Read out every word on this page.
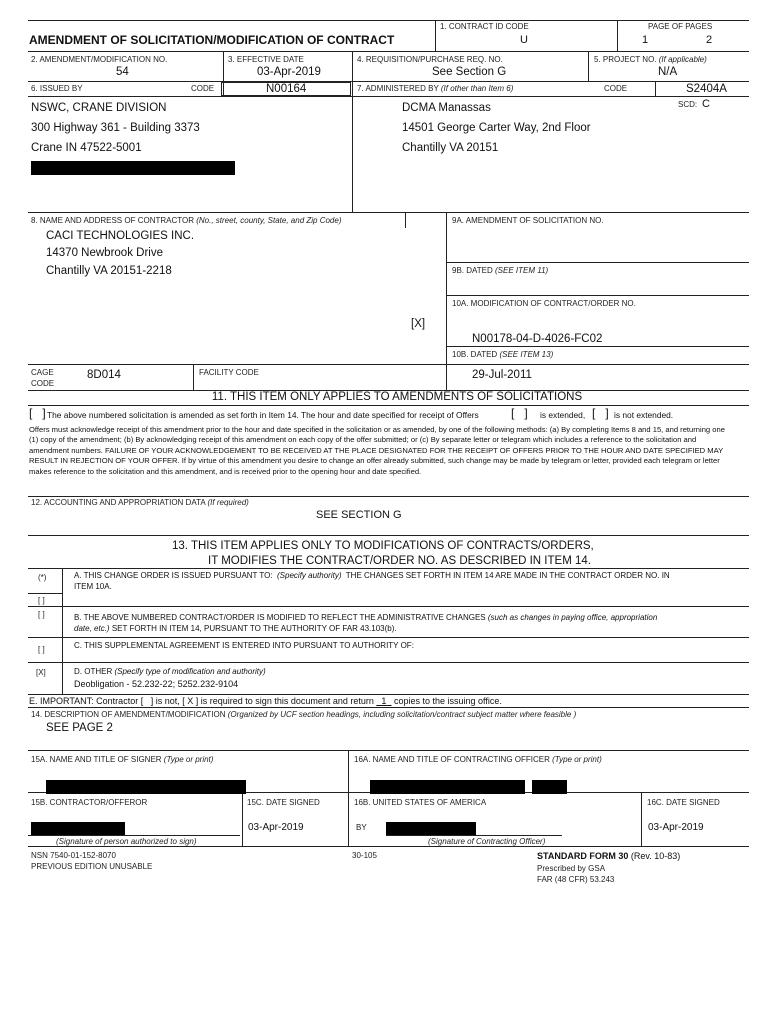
AMENDMENT OF SOLICITATION/MODIFICATION OF CONTRACT
1. CONTRACT ID CODE
U
PAGE OF PAGES
1	2
2. AMENDMENT/MODIFICATION NO.
54
3. EFFECTIVE DATE
03-Apr-2019
4. REQUISITION/PURCHASE REQ. NO.
See Section G
5. PROJECT NO. (If applicable)
N/A
6. ISSUED BY	CODE	N00164	7. ADMINISTERED BY (If other than Item 6)	CODE	S2404A
SCD: C
NSWC, CRANE DIVISION
300 Highway 361 - Building 3373
Crane IN 47522-5001
DCMA Manassas
14501 George Carter Way, 2nd Floor
Chantilly VA 20151
8. NAME AND ADDRESS OF CONTRACTOR (No., street, county, State, and Zip Code)
CACI TECHNOLOGIES INC.
14370 Newbrook Drive
Chantilly VA 20151-2218
CAGE
CODE
8D014	FACILITY CODE
9A. AMENDMENT OF SOLICITATION NO.
9B. DATED (SEE ITEM 11)
10A. MODIFICATION OF CONTRACT/ORDER NO.
[X]
N00178-04-D-4026-FC02
10B. DATED (SEE ITEM 13)
29-Jul-2011
11. THIS ITEM ONLY APPLIES TO AMENDMENTS OF SOLICITATIONS
[   ] The above numbered solicitation is amended as set forth in Item 14. The hour and date specified for receipt of Offers	[   ] is extended, [   ] is not extended.
Offers must acknowledge receipt of this amendment prior to the hour and date specified in the solicitation or as amended, by one of the following methods: (a) By completing Items 8 and 15, and returning one (1) copy of the amendment; (b) By acknowledging receipt of this amendment on each copy of the offer submitted; or (c) By separate letter or telegram which includes a reference to the solicitation and amendment numbers. FAILURE OF YOUR ACKNOWLEDGEMENT TO BE RECEIVED AT THE PLACE DESIGNATED FOR THE RECEIPT OF OFFERS PRIOR TO THE HOUR AND DATE SPECIFIED MAY RESULT IN REJECTION OF YOUR OFFER. If by virtue of this amendment you desire to change an offer already submitted, such change may be made by telegram or letter, provided each telegram or letter makes reference to the solicitation and this amendment, and is received prior to the opening hour and date specified.
12. ACCOUNTING AND APPROPRIATION DATA (If required)
SEE SECTION G
13. THIS ITEM APPLIES ONLY TO MODIFICATIONS OF CONTRACTS/ORDERS,
IT MODIFIES THE CONTRACT/ORDER NO. AS DESCRIBED IN ITEM 14.
(*)
[ ]
A. THIS CHANGE ORDER IS ISSUED PURSUANT TO: (Specify authority) THE CHANGES SET FORTH IN ITEM 14 ARE MADE IN THE CONTRACT ORDER NO. IN
ITEM 10A.
[ ]	B. THE ABOVE NUMBERED CONTRACT/ORDER IS MODIFIED TO REFLECT THE ADMINISTRATIVE CHANGES (such as changes in paying office, appropriation
date, etc.) SET FORTH IN ITEM 14, PURSUANT TO THE AUTHORITY OF FAR 43.103(b).
[ ]	C. THIS SUPPLEMENTAL AGREEMENT IS ENTERED INTO PURSUANT TO AUTHORITY OF:
[X]	D. OTHER (Specify type of modification and authority)
Deobligation - 52.232-22; 5252.232-9104
E. IMPORTANT: Contractor [   ] is not, [ X ] is required to sign this document and return 1 copies to the issuing office.
14. DESCRIPTION OF AMENDMENT/MODIFICATION (Organized by UCF section headings, including solicitation/contract subject matter where feasible )
SEE PAGE 2
15A. NAME AND TITLE OF SIGNER (Type or print)	16A. NAME AND TITLE OF CONTRACTING OFFICER (Type or print)
15B. CONTRACTOR/OFFEROR	15C. DATE SIGNED	16B. UNITED STATES OF AMERICA	16C. DATE SIGNED
03-Apr-2019	BY	03-Apr-2019
(Signature of person authorized to sign)	(Signature of Contracting Officer)
NSN 7540-01-152-8070
PREVIOUS EDITION UNUSABLE
30-105	STANDARD FORM 30 (Rev. 10-83)
Prescribed by GSA
FAR (48 CFR) 53.243
